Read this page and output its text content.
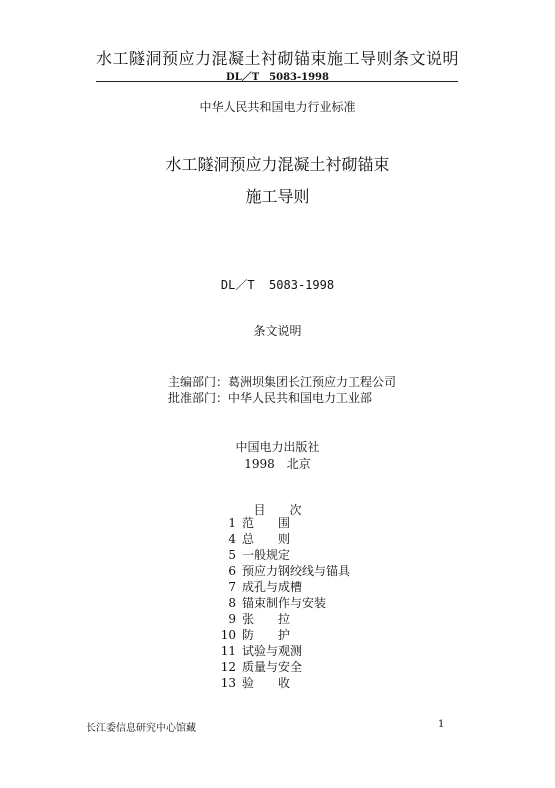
水工隧洞预应力混凝土衬砌锚束施工导则条文说明
DL／T　5083-1998
中华人民共和国电力行业标准
水工隧洞预应力混凝土衬砌锚束
施工导则
DL／T  5083-1998
条文说明
主编部门：葛洲坝集团长江预应力工程公司
批准部门：中华人民共和国电力工业部
中国电力出版社
1998　北京
目　　次
1 范　　围
4 总　　则
5 一般规定
6 预应力钢绞线与锚具
7 成孔与成槽
8 锚束制作与安装
9 张　　拉
10 防　　护
11 试验与观测
12 质量与安全
13 验　　收
长江委信息研究中心馆藏	1
